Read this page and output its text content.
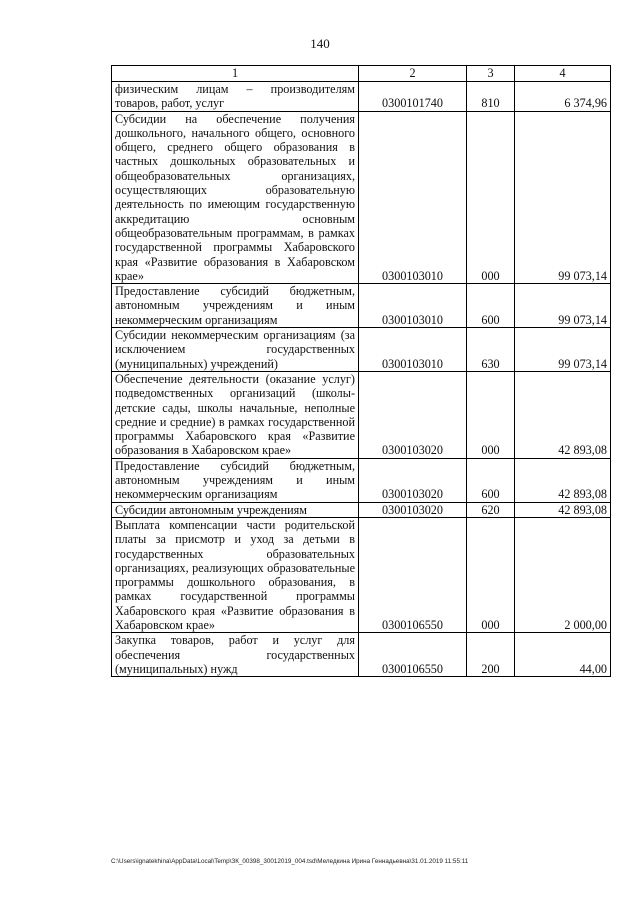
140
1	2	3	4
физическим лицам – производителям товаров, работ, услуг	0300101740	810	6 374,96
Субсидии на обеспечение получения дошкольного, начального общего, основного общего, среднего общего образования в частных дошкольных образовательных и общеобразовательных организациях, осуществляющих образовательную деятельность по имеющим государственную аккредитацию основным общеобразовательным программам, в рамках государственной программы Хабаровского края «Развитие образования в Хабаровском крае»	0300103010	000	99 073,14
Предоставление субсидий бюджетным, автономным учреждениям и иным некоммерческим организациям	0300103010	600	99 073,14
Субсидии некоммерческим организациям (за исключением государственных (муниципальных) учреждений)	0300103010	630	99 073,14
Обеспечение деятельности (оказание услуг) подведомственных организаций (школы-детские сады, школы начальные, неполные средние и средние) в рамках государственной программы Хабаровского края «Развитие образования в Хабаровском крае»	0300103020	000	42 893,08
Предоставление субсидий бюджетным, автономным учреждениям и иным некоммерческим организациям	0300103020	600	42 893,08
Субсидии автономным учреждениям	0300103020	620	42 893,08
Выплата компенсации части родительской платы за присмотр и уход за детьми в государственных образовательных организациях, реализующих образовательные программы дошкольного образования, в рамках государственной программы Хабаровского края «Развитие образования в Хабаровском крае»	0300106550	000	2 000,00
Закупка товаров, работ и услуг для обеспечения государственных (муниципальных) нужд	0300106550	200	44,00
C:\Users\ignatekhina\AppData\Local\Temp\ЗК_00398_30012019_004.tsd\Меледкина Ирина Геннадьевна\31.01.2019 11:55:11
